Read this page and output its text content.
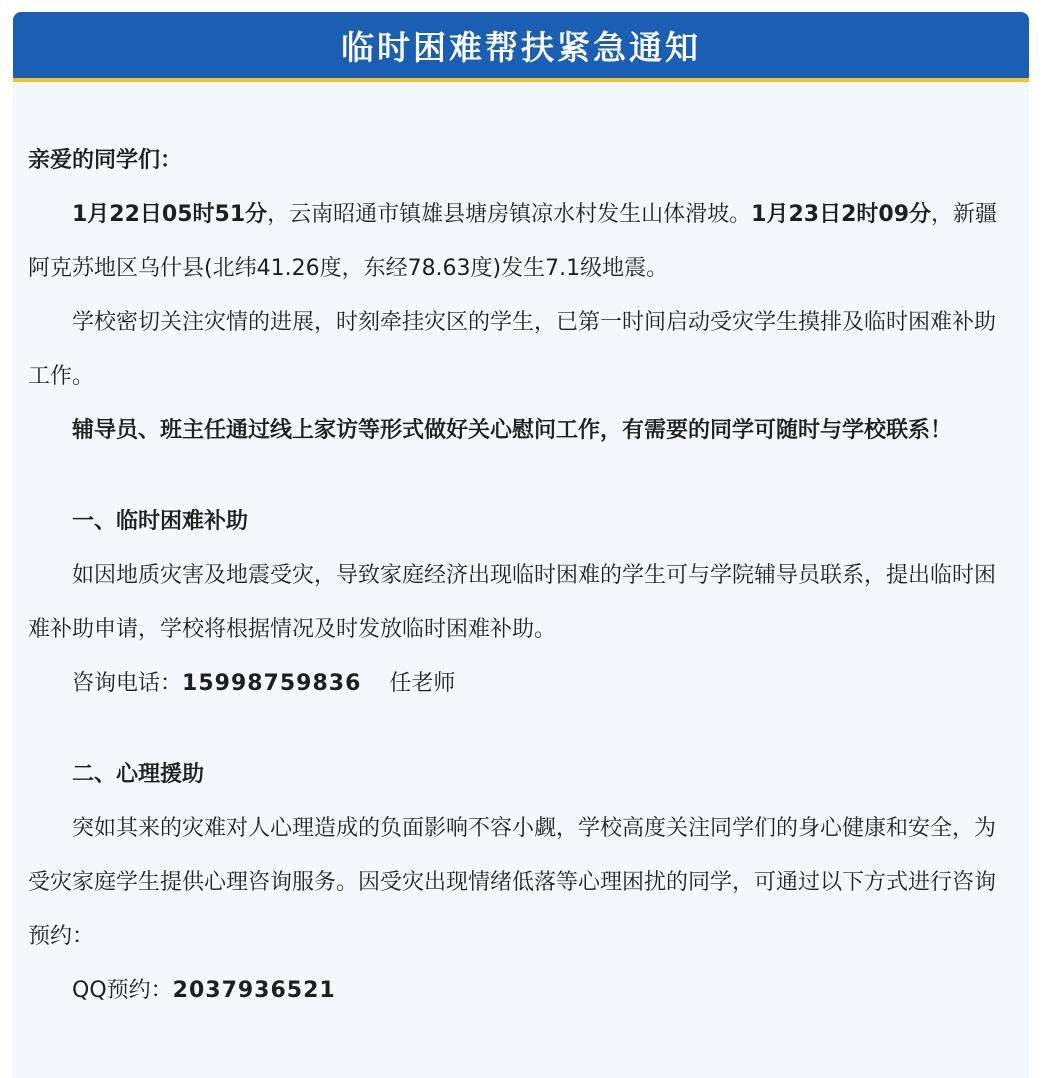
临时困难帮扶紧急通知

亲爱的同学们：

1月22日05时51分，云南昭通市镇雄县塘房镇凉水村发生山体滑坡。1月23日2时09分，新疆阿克苏地区乌什县(北纬41.26度，东经78.63度)发生7.1级地震。

学校密切关注灾情的进展，时刻牵挂灾区的学生，已第一时间启动受灾学生摸排及临时困难补助工作。

辅导员、班主任通过线上家访等形式做好关心慰问工作，有需要的同学可随时与学校联系！

一、临时困难补助

如因地质灾害及地震受灾，导致家庭经济出现临时困难的学生可与学院辅导员联系，提出临时困难补助申请，学校将根据情况及时发放临时困难补助。

咨询电话：15998759836 任老师

二、心理援助

突如其来的灾难对人心理造成的负面影响不容小觑，学校高度关注同学们的身心健康和安全，为受灾家庭学生提供心理咨询服务。因受灾出现情绪低落等心理困扰的同学，可通过以下方式进行咨询预约：

QQ预约：2037936521
